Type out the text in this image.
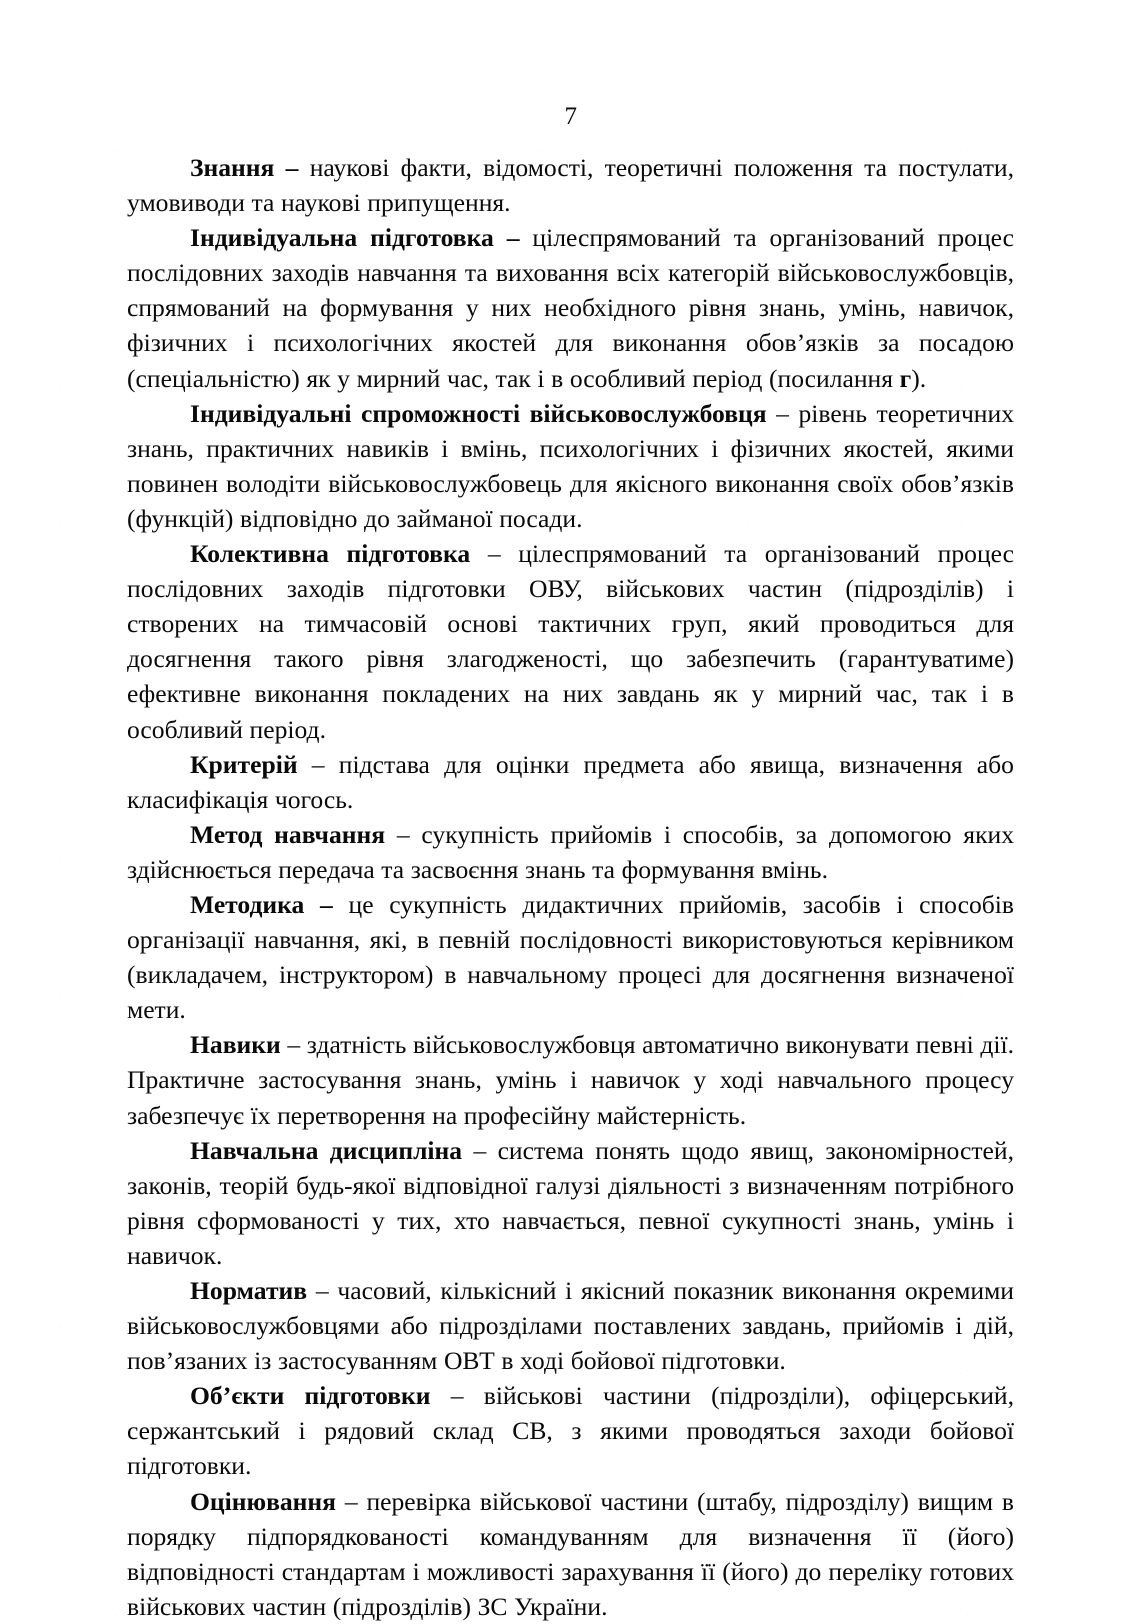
7

Знання – наукові факти, відомості, теоретичні положення та постулати, умовиводи та наукові припущення.

Індивідуальна підготовка – цілеспрямований та організований процес послідовних заходів навчання та виховання всіх категорій військовослужбовців, спрямований на формування у них необхідного рівня знань, умінь, навичок, фізичних і психологічних якостей для виконання обов’язків за посадою (спеціальністю) як у мирний час, так і в особливий період (посилання г).

Індивідуальні спроможності військовослужбовця – рівень теоретичних знань, практичних навиків і вмінь, психологічних і фізичних якостей, якими повинен володіти військовослужбовець для якісного виконання своїх обов’язків (функцій) відповідно до займаної посади.

Колективна підготовка – цілеспрямований та організований процес послідовних заходів підготовки ОВУ, військових частин (підрозділів) і створених на тимчасовій основі тактичних груп, який проводиться для досягнення такого рівня злагодженості, що забезпечить (гарантуватиме) ефективне виконання покладених на них завдань як у мирний час, так і в особливий період.

Критерій – підстава для оцінки предмета або явища, визначення або класифікація чогось.

Метод навчання – сукупність прийомів і способів, за допомогою яких здійснюється передача та засвоєння знань та формування вмінь.

Методика – це сукупність дидактичних прийомів, засобів і способів організації навчання, які, в певній послідовності використовуються керівником (викладачем, інструктором) в навчальному процесі для досягнення визначеної мети.

Навики – здатність військовослужбовця автоматично виконувати певні дії. Практичне застосування знань, умінь і навичок у ході навчального процесу забезпечує їх перетворення на професійну майстерність.

Навчальна дисципліна – система понять щодо явищ, закономірностей, законів, теорій будь-якої відповідної галузі діяльності з визначенням потрібного рівня сформованості у тих, хто навчається, певної сукупності знань, умінь і навичок.

Норматив – часовий, кількісний і якісний показник виконання окремими військовослужбовцями або підрозділами поставлених завдань, прийомів і дій, пов’язаних із застосуванням ОВТ в ході бойової підготовки.

Об’єкти підготовки – військові частини (підрозділи), офіцерський, сержантський і рядовий склад СВ, з якими проводяться заходи бойової підготовки.

Оцінювання – перевірка військової частини (штабу, підрозділу) вищим в порядку підпорядкованості командуванням для визначення її (його) відповідності стандартам і можливості зарахування її (його) до переліку готових військових частин (підрозділів) ЗС України.
